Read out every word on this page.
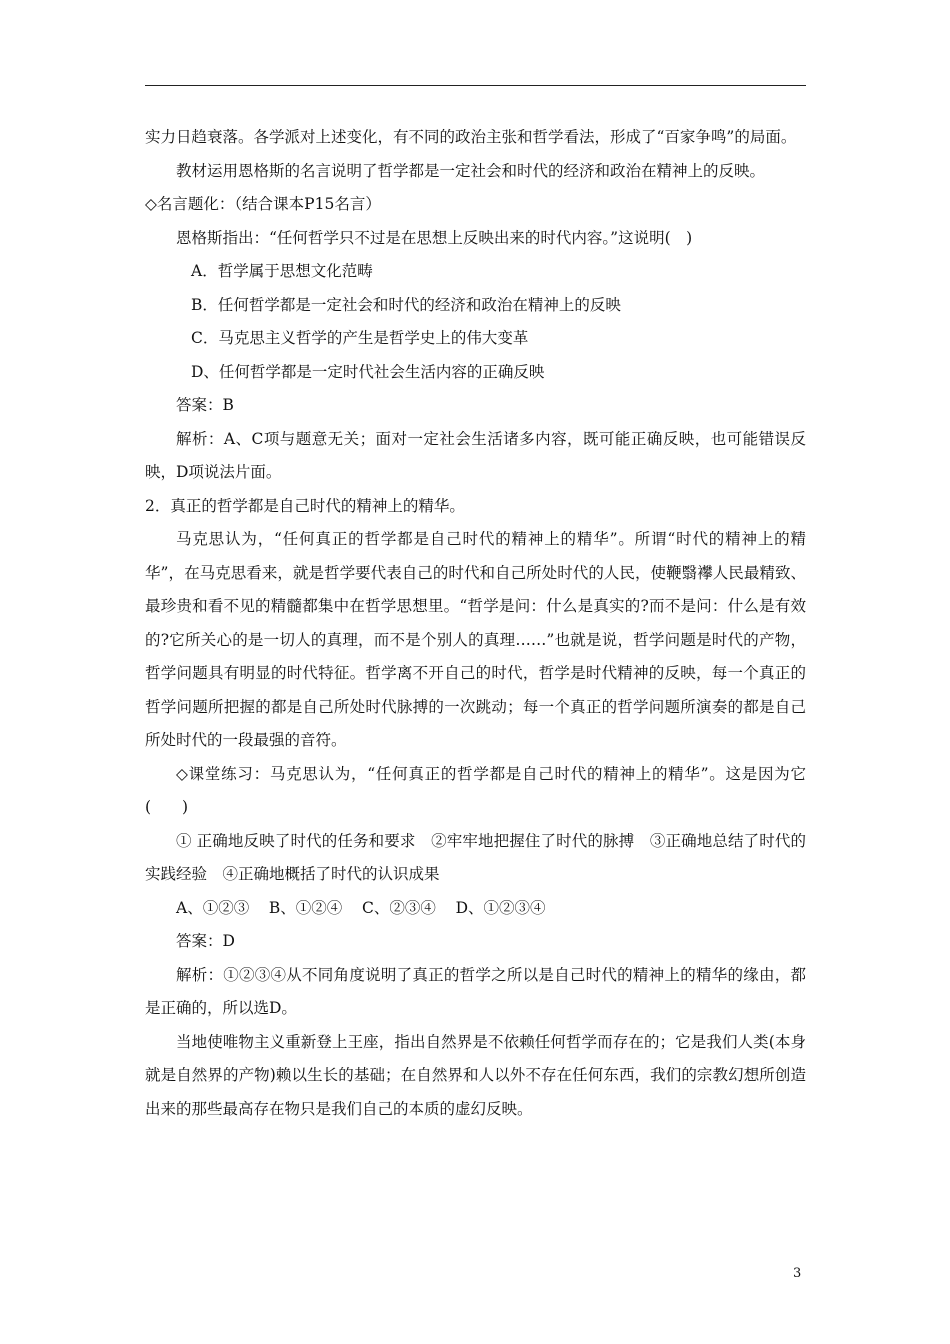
实力日趋衰落。各学派对上述变化，有不同的政治主张和哲学看法，形成了“百家争鸣”的局面。

教材运用恩格斯的名言说明了哲学都是一定社会和时代的经济和政治在精神上的反映。

◇名言题化：（结合课本P15名言）

恩格斯指出：“任何哲学只不过是在思想上反映出来的时代内容。”这说明(　)

A．哲学属于思想文化范畴

B．任何哲学都是一定社会和时代的经济和政治在精神上的反映

C．马克思主义哲学的产生是哲学史上的伟大变革

D、任何哲学都是一定时代社会生活内容的正确反映

答案：B

解析：A、C项与题意无关；面对一定社会生活诸多内容，既可能正确反映，也可能错误反映，D项说法片面。

2．真正的哲学都是自己时代的精神上的精华。

马克思认为，“任何真正的哲学都是自己时代的精神上的精华”。所谓“时代的精神上的精华”，在马克思看来，就是哲学要代表自己的时代和自己所处时代的人民，使鞭翳襻人民最精致、最珍贵和看不见的精髓都集中在哲学思想里。“哲学是问：什么是真实的?而不是问：什么是有效的?它所关心的是一切人的真理，而不是个别人的真理……”也就是说，哲学问题是时代的产物，哲学问题具有明显的时代特征。哲学离不开自己的时代，哲学是时代精神的反映，每一个真正的哲学问题所把握的都是自己所处时代脉搏的一次跳动；每一个真正的哲学问题所演奏的都是自己所处时代的一段最强的音符。

◇课堂练习：马克思认为，“任何真正的哲学都是自己时代的精神上的精华”。这是因为它(　　)

① 正确地反映了时代的任务和要求　②牢牢地把握住了时代的脉搏　③正确地总结了时代的实践经验　④正确地概括了时代的认识成果

A、①②③    B、①②④    C、②③④    D、①②③④

答案：D

解析：①②③④从不同角度说明了真正的哲学之所以是自己时代的精神上的精华的缘由，都是正确的，所以选D。

当地使唯物主义重新登上王座，指出自然界是不依赖任何哲学而存在的；它是我们人类(本身就是自然界的产物)赖以生长的基础；在自然界和人以外不存在任何东西，我们的宗教幻想所创造出来的那些最高存在物只是我们自己的本质的虚幻反映。

3
